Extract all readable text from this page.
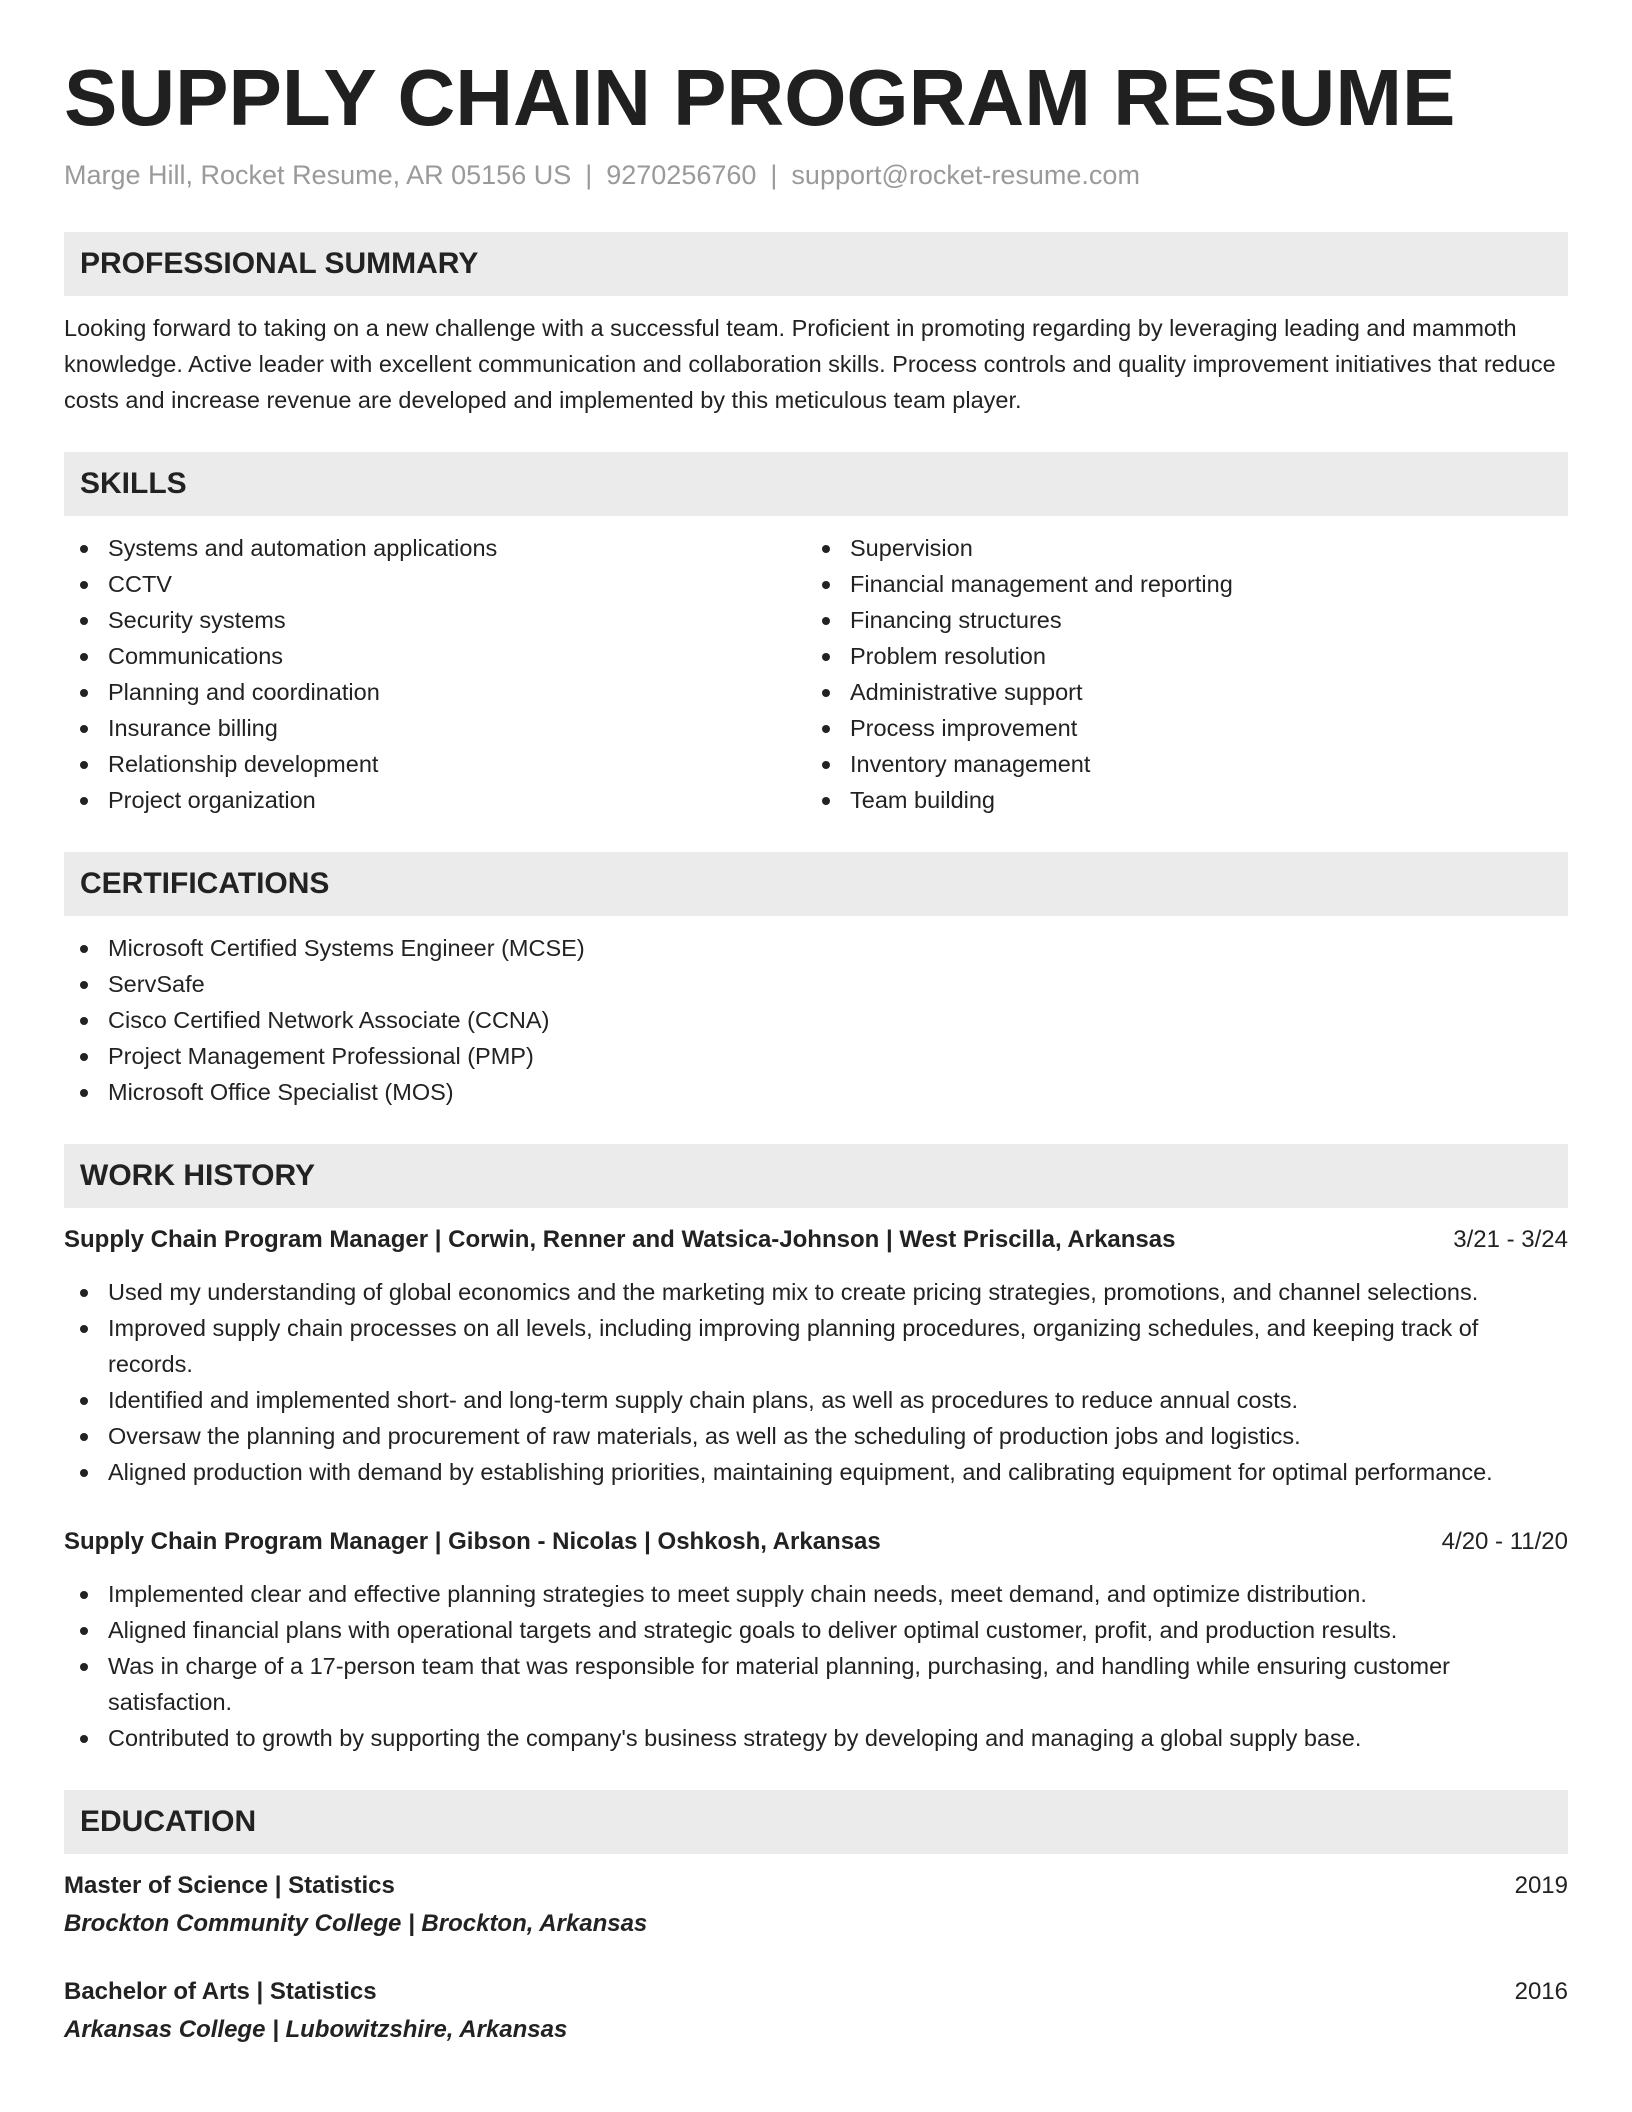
SUPPLY CHAIN PROGRAM RESUME
Marge Hill, Rocket Resume, AR 05156 US | 9270256760 | support@rocket-resume.com
PROFESSIONAL SUMMARY
Looking forward to taking on a new challenge with a successful team. Proficient in promoting regarding by leveraging leading and mammoth knowledge. Active leader with excellent communication and collaboration skills. Process controls and quality improvement initiatives that reduce costs and increase revenue are developed and implemented by this meticulous team player.
SKILLS
Systems and automation applications
CCTV
Security systems
Communications
Planning and coordination
Insurance billing
Relationship development
Project organization
Supervision
Financial management and reporting
Financing structures
Problem resolution
Administrative support
Process improvement
Inventory management
Team building
CERTIFICATIONS
Microsoft Certified Systems Engineer (MCSE)
ServSafe
Cisco Certified Network Associate (CCNA)
Project Management Professional (PMP)
Microsoft Office Specialist (MOS)
WORK HISTORY
Supply Chain Program Manager | Corwin, Renner and Watsica-Johnson | West Priscilla, Arkansas	3/21 - 3/24
Used my understanding of global economics and the marketing mix to create pricing strategies, promotions, and channel selections.
Improved supply chain processes on all levels, including improving planning procedures, organizing schedules, and keeping track of records.
Identified and implemented short- and long-term supply chain plans, as well as procedures to reduce annual costs.
Oversaw the planning and procurement of raw materials, as well as the scheduling of production jobs and logistics.
Aligned production with demand by establishing priorities, maintaining equipment, and calibrating equipment for optimal performance.
Supply Chain Program Manager | Gibson - Nicolas | Oshkosh, Arkansas	4/20 - 11/20
Implemented clear and effective planning strategies to meet supply chain needs, meet demand, and optimize distribution.
Aligned financial plans with operational targets and strategic goals to deliver optimal customer, profit, and production results.
Was in charge of a 17-person team that was responsible for material planning, purchasing, and handling while ensuring customer satisfaction.
Contributed to growth by supporting the company's business strategy by developing and managing a global supply base.
EDUCATION
Master of Science | Statistics	2019
Brockton Community College | Brockton, Arkansas
Bachelor of Arts | Statistics	2016
Arkansas College | Lubowitzshire, Arkansas
